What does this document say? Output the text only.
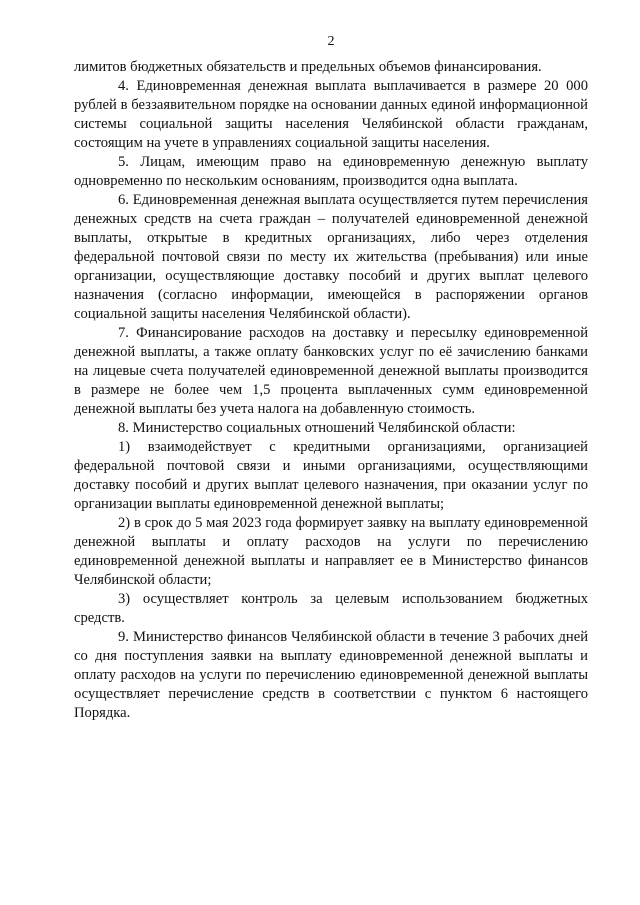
2

лимитов бюджетных обязательств и предельных объемов финансирования.

4. Единовременная денежная выплата выплачивается в размере 20 000 рублей в беззаявительном порядке на основании данных единой информационной системы социальной защиты населения Челябинской области гражданам, состоящим на учете в управлениях социальной защиты населения.

5. Лицам, имеющим право на единовременную денежную выплату одновременно по нескольким основаниям, производится одна выплата.

6. Единовременная денежная выплата осуществляется путем перечисления денежных средств на счета граждан – получателей единовременной денежной выплаты, открытые в кредитных организациях, либо через отделения федеральной почтовой связи по месту их жительства (пребывания) или иные организации, осуществляющие доставку пособий и других выплат целевого назначения (согласно информации, имеющейся в распоряжении органов социальной защиты населения Челябинской области).

7. Финансирование расходов на доставку и пересылку единовременной денежной выплаты, а также оплату банковских услуг по её зачислению банками на лицевые счета получателей единовременной денежной выплаты производится в размере не более чем 1,5 процента выплаченных сумм единовременной денежной выплаты без учета налога на добавленную стоимость.

8. Министерство социальных отношений Челябинской области:

1) взаимодействует с кредитными организациями, организацией федеральной почтовой связи и иными организациями, осуществляющими доставку пособий и других выплат целевого назначения, при оказании услуг по организации выплаты единовременной денежной выплаты;

2) в срок до 5 мая 2023 года формирует заявку на выплату единовременной денежной выплаты и оплату расходов на услуги по перечислению единовременной денежной выплаты и направляет ее в Министерство финансов Челябинской области;

3) осуществляет контроль за целевым использованием бюджетных средств.

9. Министерство финансов Челябинской области в течение 3 рабочих дней со дня поступления заявки на выплату единовременной денежной выплаты и оплату расходов на услуги по перечислению единовременной денежной выплаты осуществляет перечисление средств в соответствии с пунктом 6 настоящего Порядка.
